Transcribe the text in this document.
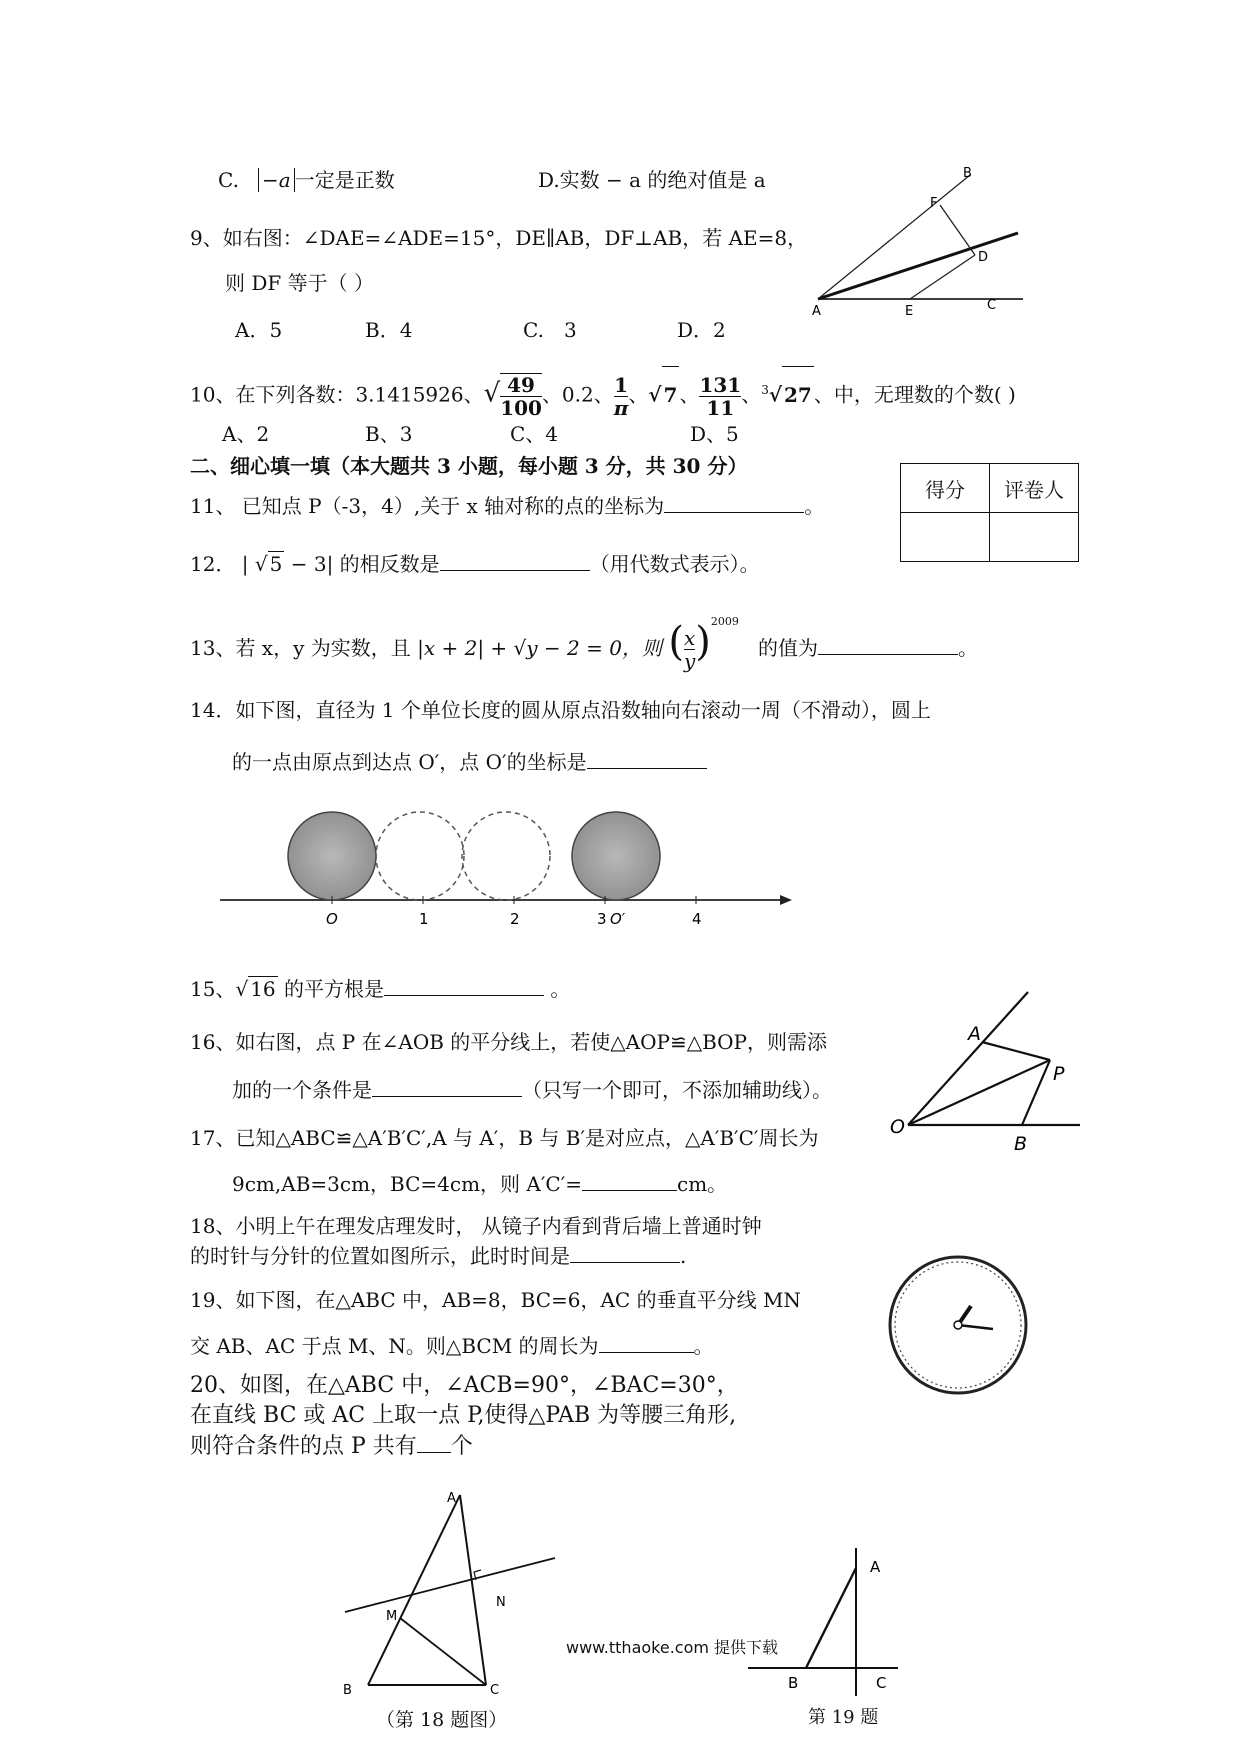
C. −a 一定是正数	D.实数 − a 的绝对值是 a	B
F
D
A	E	C
9、如右图：∠DAE=∠ADE=15°，DE∥AB，DF⊥AB，若 AE=8，
则 DF 等于（ ）
A．5	B．4	C.　3	D．2
10、在下列各数：3.1415926、√ $\frac{49}{100}$ 、0.2、 $\frac{1}{\pi}$ 、√ 7 、 $\frac{131}{11}$ 、$^3$√ 27 、中，无理数的个数( )
A、2	B、3	C、4	D、5
二、细心填一填（本大题共 3 小题，每小题 3 分，共 30 分）
得分	评卷人

11、 已知点 P（-3，4）,关于 x 轴对称的点的坐标为	。
12． | √ 5 − 3| 的相反数是	（用代数式表示）。
13、若 x，y 为实数，且 |x + 2| + √y − 2 = 0，则 ( $\frac{x}{y} )^{2009}$   的值为	。
14．如下图，直径为 1 个单位长度的圆从原点沿数轴向右滚动一周（不滑动），圆上
的一点由原点到达点 O′，点 O′的坐标是
O	1	2	3 O′	4
15、√ 16 的平方根是	。
16、如右图，点 P 在∠AOB 的平分线上，若使△AOP≌△BOP，则需添
加的一个条件是	（只写一个即可，不添加辅助线）。
A
P
O
B
17、已知△ABC≌△A′B′C′,A 与 A′，B 与 B′是对应点，△A′B′C′周长为
9cm,AB=3cm，BC=4cm，则 A′C′=	cm。
18、小明上午在理发店理发时， 从镜子内看到背后墙上普通时钟
的时针与分针的位置如图所示，此时时间是	.
19、如下图，在△ABC 中，AB=8，BC=6，AC 的垂直平分线 MN
交 AB、AC 于点 M、N。则△BCM 的周长为	。
20、如图，在△ABC 中，∠ACB=90°，∠BAC=30°，
在直线 BC 或 AC 上取一点 P,使得△PAB 为等腰三角形,
则符合条件的点 P 共有 个
A
M
N
B	C
（第 18 题图）
www.tthaoke.com 提供下载
A
B	C
第 19 题
